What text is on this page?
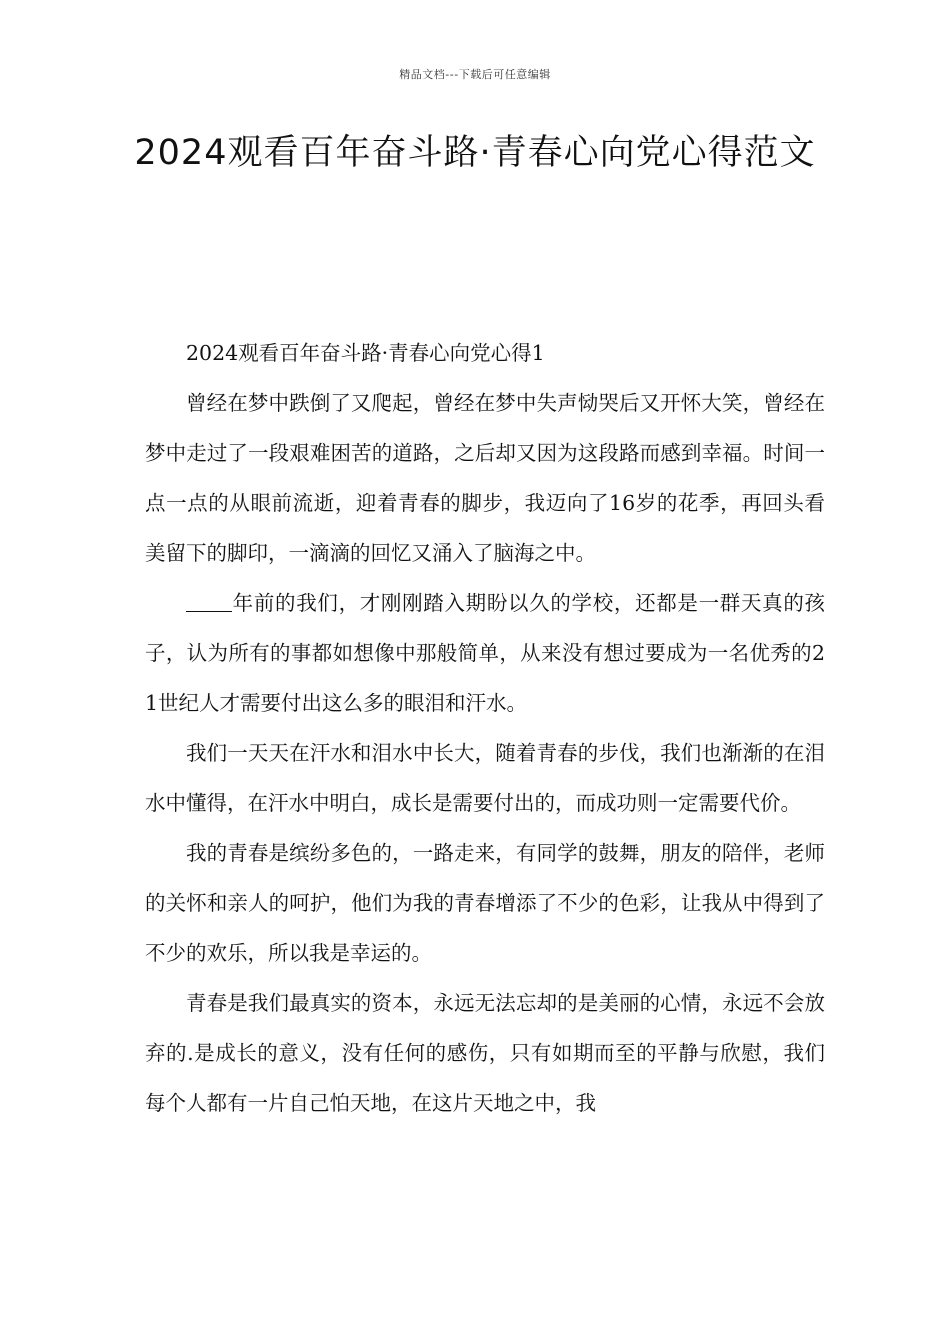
精品文档---下载后可任意编辑
2024观看百年奋斗路·青春心向党心得范文

2024观看百年奋斗路·青春心向党心得1

曾经在梦中跌倒了又爬起，曾经在梦中失声恸哭后又开怀大笑，曾经在梦中走过了一段艰难困苦的道路，之后却又因为这段路而感到幸福。时间一点一点的从眼前流逝，迎着青春的脚步，我迈向了16岁的花季，再回头看美留下的脚印，一滴滴的回忆又涌入了脑海之中。

年前的我们，才刚刚踏入期盼以久的学校，还都是一群天真的孩子，认为所有的事都如想像中那般简单，从来没有想过要成为一名优秀的21世纪人才需要付出这么多的眼泪和汗水。

我们一天天在汗水和泪水中长大，随着青春的步伐，我们也渐渐的在泪水中懂得，在汗水中明白，成长是需要付出的，而成功则一定需要代价。

我的青春是缤纷多色的，一路走来，有同学的鼓舞，朋友的陪伴，老师的关怀和亲人的呵护，他们为我的青春增添了不少的色彩，让我从中得到了不少的欢乐，所以我是幸运的。

青春是我们最真实的资本，永远无法忘却的是美丽的心情，永远不会放弃的.是成长的意义，没有任何的感伤，只有如期而至的平静与欣慰，我们每个人都有一片自己怕天地，在这片天地之中，我
